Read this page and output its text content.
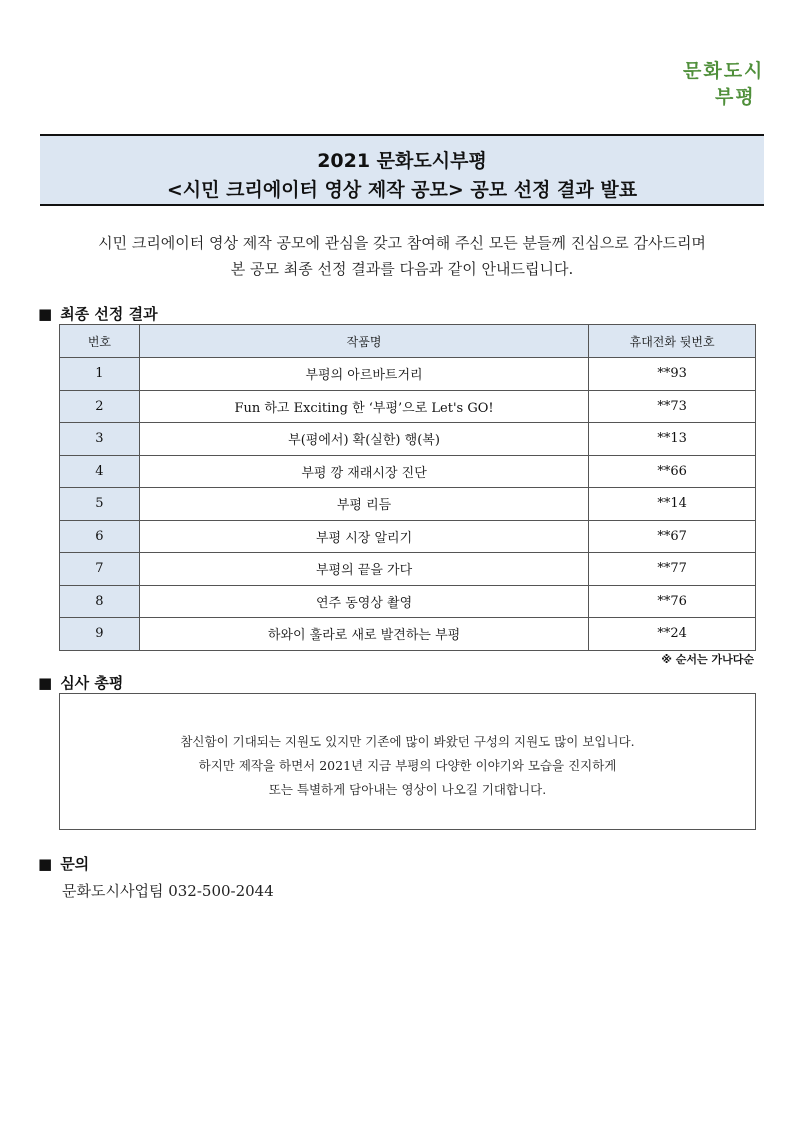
문화도시
부평
2021 문화도시부평
<시민 크리에이터 영상 제작 공모> 공모 선정 결과 발표
시민 크리에이터 영상 제작 공모에 관심을 갖고 참여해 주신 모든 분들께 진심으로 감사드리며
본 공모 최종 선정 결과를 다음과 같이 안내드립니다.
■ 최종 선정 결과
번호	작품명	휴대전화 뒷번호
1	부평의 아르바트거리	**93
2	Fun 하고 Exciting 한 ‘부평’으로 Let's GO!	**73
3	부(평에서) 확(실한) 행(복)	**13
4	부평 깡 재래시장 진단	**66
5	부평 리듬	**14
6	부평 시장 알리기	**67
7	부평의 끝을 가다	**77
8	연주 동영상 촬영	**76
9	하와이 훌라로 새로 발견하는 부평	**24
※ 순서는 가나다순
■ 심사 총평
참신함이 기대되는 지원도 있지만 기존에 많이 봐왔던 구성의 지원도 많이 보입니다.
하지만 제작을 하면서 2021년 지금 부평의 다양한 이야기와 모습을 진지하게
또는 특별하게 담아내는 영상이 나오길 기대합니다.
■ 문의
문화도시사업팀 032-500-2044
